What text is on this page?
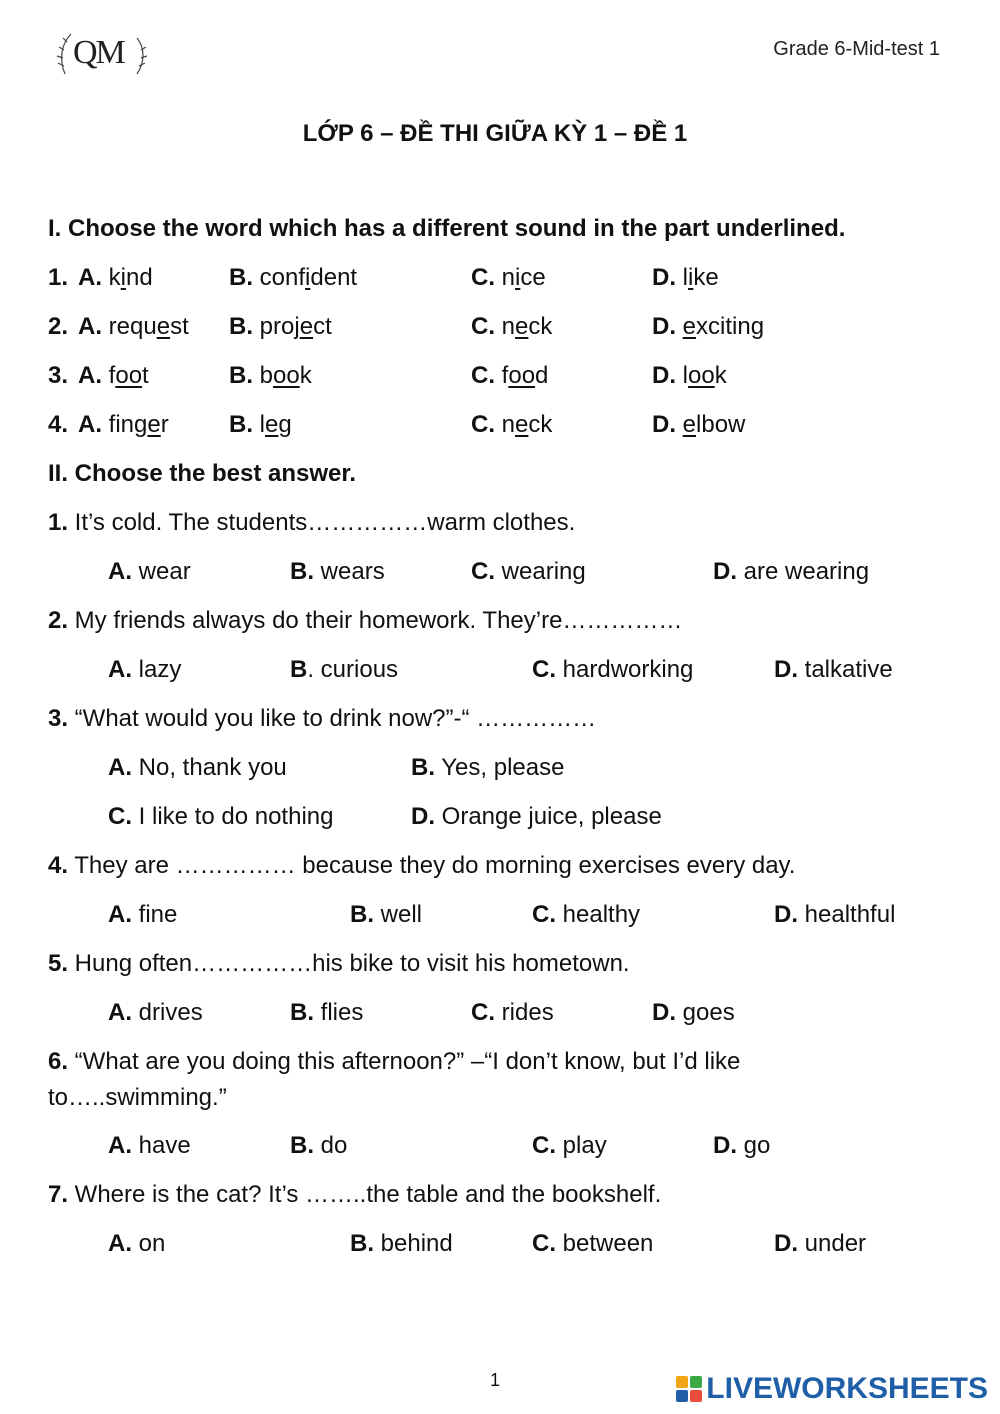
QM	Grade 6-Mid-test 1
LỚP 6 – ĐỀ THI GIỮA KỲ 1 – ĐỀ 1
I. Choose the word which has a different sound in the part underlined.
1. A. kind	B. confident	C. nice	D. like
2. A. request B. project	C. neck	D. exciting
3. A. foot	B. book	C. food	D. look
4. A. finger	B. leg	C. neck	D. elbow
II. Choose the best answer.
1. It’s cold. The students……………warm clothes.
A. wear	B. wears	C. wearing	D. are wearing
2. My friends always do their homework. They’re……………
A. lazy	B. curious	C. hardworking	D. talkative
3. “What would you like to drink now?”-“ ……………
A. No, thank you	B. Yes, please
C. I like to do nothing	D. Orange juice, please
4. They are …………… because they do morning exercises every day.
A. fine	B. well	C. healthy	D. healthful
5. Hung often……………his bike to visit his hometown.
A. drives	B. flies	C. rides	D. goes
6. “What are you doing this afternoon?” –“I don’t know, but I’d like
to…..swimming.”
A. have	B. do	C. play	D. go
7. Where is the cat? It’s ……..the table and the bookshelf.
A. on	B. behind	C. between	D. under
1	LIVEWORKSHEETS
